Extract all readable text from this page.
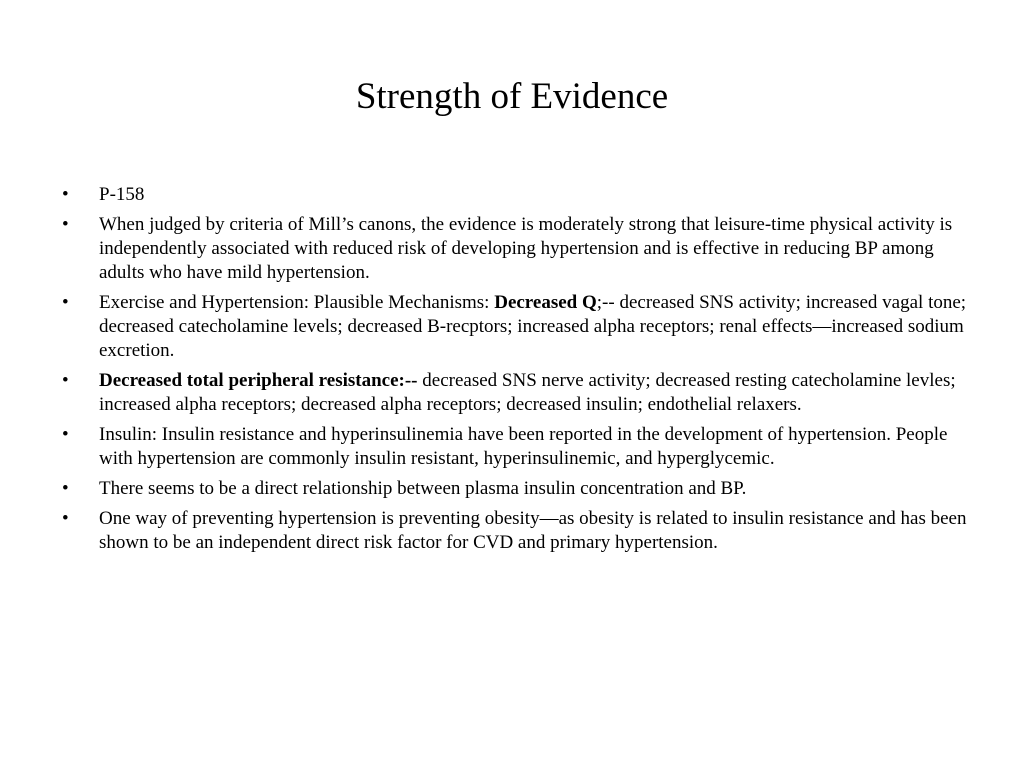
Strength of Evidence
•	P-158
•	When judged by criteria of Mill’s canons, the evidence is moderately strong that leisure-time physical activity is independently associated with reduced risk of developing hypertension and is effective in reducing BP among adults who have mild hypertension.
•	Exercise and Hypertension: Plausible Mechanisms: Decreased Q;-- decreased SNS activity; increased vagal tone; decreased catecholamine levels; decreased B-recptors; increased alpha receptors; renal effects—increased sodium excretion.
•	Decreased total peripheral resistance:-- decreased SNS nerve activity; decreased resting catecholamine levles; increased alpha receptors; decreased alpha receptors; decreased insulin; endothelial relaxers.
•	Insulin: Insulin resistance and hyperinsulinemia have been reported in the development of hypertension. People with hypertension are commonly insulin resistant, hyperinsulinemic, and hyperglycemic.
•	There seems to be a direct relationship between plasma insulin concentration and BP.
•	One way of preventing hypertension is preventing obesity—as obesity is related to insulin resistance and has been shown to be an independent direct risk factor for CVD and primary hypertension.
